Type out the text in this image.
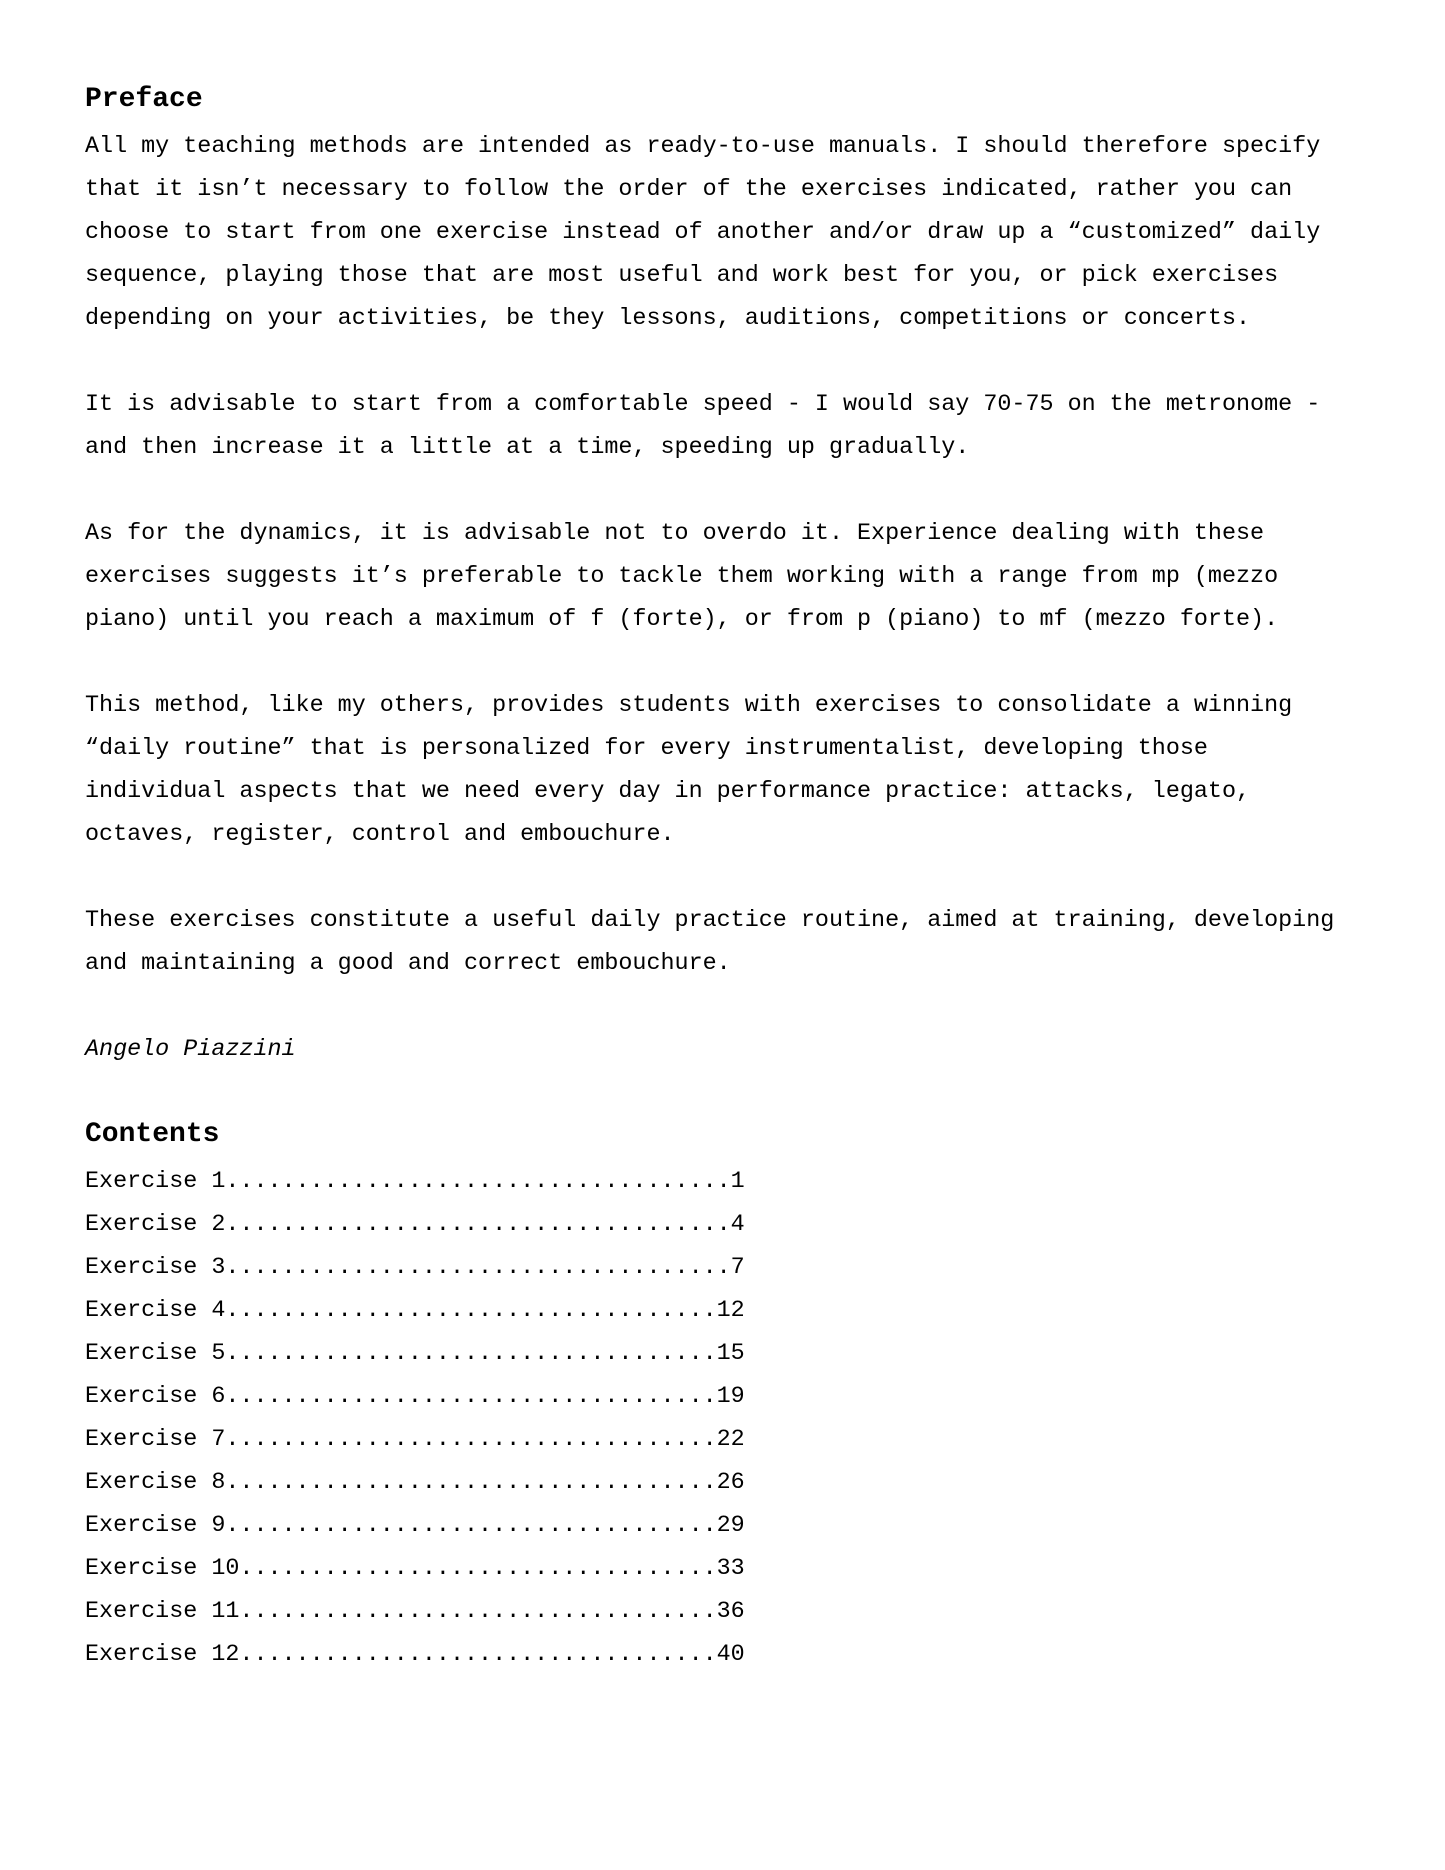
Preface

All my teaching methods are intended as ready-to-use manuals. I should therefore specify
that it isn’t necessary to follow the order of the exercises indicated, rather you can
choose to start from one exercise instead of another and/or draw up a “customized” daily
sequence, playing those that are most useful and work best for you, or pick exercises
depending on your activities, be they lessons, auditions, competitions or concerts.

It is advisable to start from a comfortable speed - I would say 70-75 on the metronome -
and then increase it a little at a time, speeding up gradually.

As for the dynamics, it is advisable not to overdo it. Experience dealing with these
exercises suggests it’s preferable to tackle them working with a range from mp (mezzo
piano) until you reach a maximum of f (forte), or from p (piano) to mf (mezzo forte).

This method, like my others, provides students with exercises to consolidate a winning
“daily routine” that is personalized for every instrumentalist, developing those
individual aspects that we need every day in performance practice: attacks, legato,
octaves, register, control and embouchure.

These exercises constitute a useful daily practice routine, aimed at training, developing
and maintaining a good and correct embouchure.

Angelo Piazzini

Contents
Exercise 1....................................1
Exercise 2....................................4
Exercise 3....................................7
Exercise 4...................................12
Exercise 5...................................15
Exercise 6...................................19
Exercise 7...................................22
Exercise 8...................................26
Exercise 9...................................29
Exercise 10..................................33
Exercise 11..................................36
Exercise 12..................................40
